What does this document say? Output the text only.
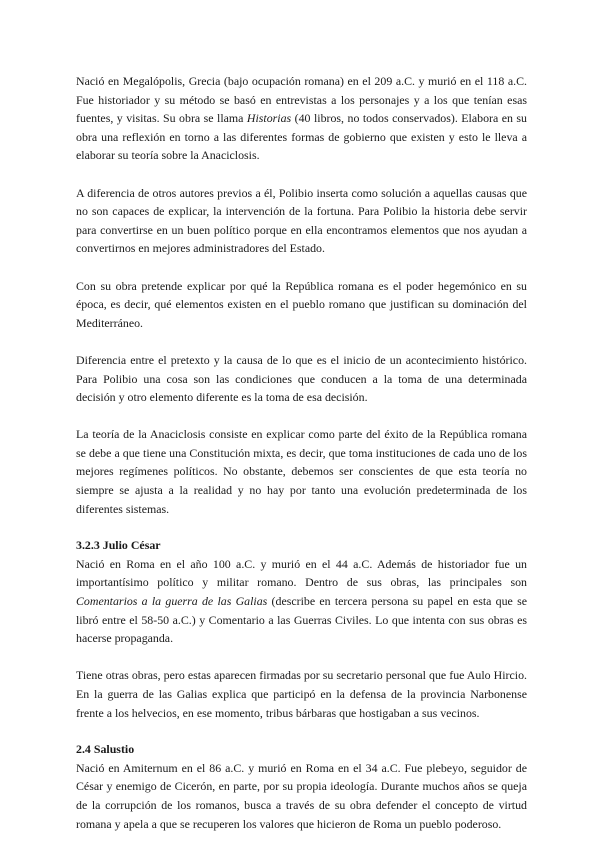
Nació en Megalópolis, Grecia (bajo ocupación romana) en el 209 a.C. y murió en el 118 a.C. Fue historiador y su método se basó en entrevistas a los personajes y a los que tenían esas fuentes, y visitas. Su obra se llama Historias (40 libros, no todos conservados). Elabora en su obra una reflexión en torno a las diferentes formas de gobierno que existen y esto le lleva a elaborar su teoría sobre la Anaciclosis.

A diferencia de otros autores previos a él, Polibio inserta como solución a aquellas causas que no son capaces de explicar, la intervención de la fortuna. Para Polibio la historia debe servir para convertirse en un buen político porque en ella encontramos elementos que nos ayudan a convertirnos en mejores administradores del Estado.

Con su obra pretende explicar por qué la República romana es el poder hegemónico en su época, es decir, qué elementos existen en el pueblo romano que justifican su dominación del Mediterráneo.

Diferencia entre el pretexto y la causa de lo que es el inicio de un acontecimiento histórico. Para Polibio una cosa son las condiciones que conducen a la toma de una determinada decisión y otro elemento diferente es la toma de esa decisión.

La teoría de la Anaciclosis consiste en explicar como parte del éxito de la República romana se debe a que tiene una Constitución mixta, es decir, que toma instituciones de cada uno de los mejores regímenes políticos. No obstante, debemos ser conscientes de que esta teoría no siempre se ajusta a la realidad y no hay por tanto una evolución predeterminada de los diferentes sistemas.

3.2.3 Julio César

Nació en Roma en el año 100 a.C. y murió en el 44 a.C. Además de historiador fue un importantísimo político y militar romano. Dentro de sus obras, las principales son Comentarios a la guerra de las Galias (describe en tercera persona su papel en esta que se libró entre el 58-50 a.C.) y Comentario a las Guerras Civiles. Lo que intenta con sus obras es hacerse propaganda.

Tiene otras obras, pero estas aparecen firmadas por su secretario personal que fue Aulo Hircio. En la guerra de las Galias explica que participó en la defensa de la provincia Narbonense frente a los helvecios, en ese momento, tribus bárbaras que hostigaban a sus vecinos.

2.4 Salustio

Nació en Amiternum en el 86 a.C. y murió en Roma en el 34 a.C. Fue plebeyo, seguidor de César y enemigo de Cicerón, en parte, por su propia ideología. Durante muchos años se queja de la corrupción de los romanos, busca a través de su obra defender el concepto de virtud romana y apela a que se recuperen los valores que hicieron de Roma un pueblo poderoso.
